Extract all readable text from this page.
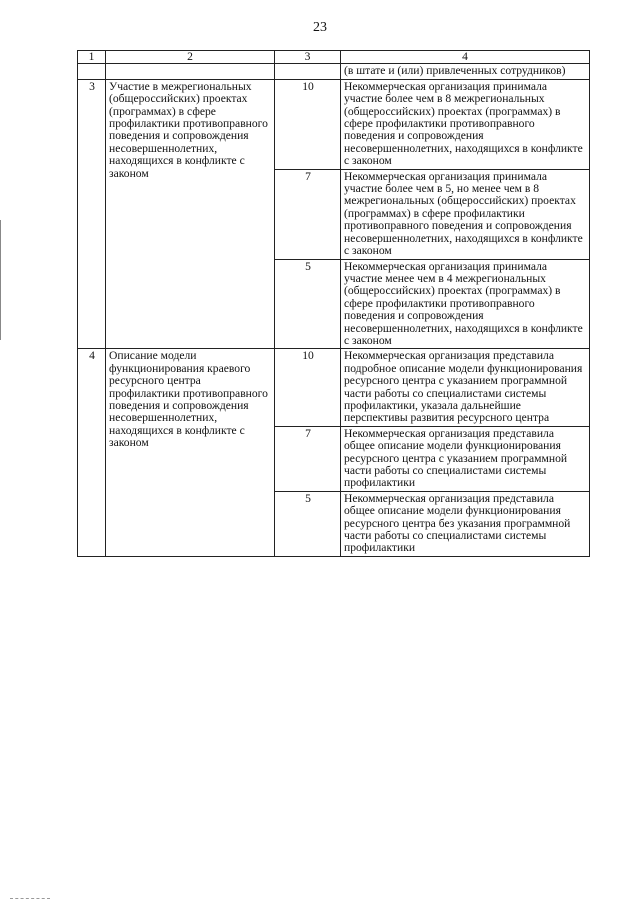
23
1	2	3	4
			(в штате и (или) привлеченных сотрудников)
3	Участие в межрегиональных (общероссийских) проектах (программах) в сфере профилактики противоправного поведения и сопровождения несовершеннолетних, находящихся в конфликте с законом	10	Некоммерческая организация принимала участие более чем в 8 межрегиональных (общероссийских) проектах (программах) в сфере профилактики противоправного поведения и сопровождения несовершеннолетних, находящихся в конфликте с законом
		7	Некоммерческая организация принимала участие более чем в 5, но менее чем в 8 межрегиональных (общероссийских) проектах (программах) в сфере профилактики противоправного поведения и сопровождения несовершеннолетних, находящихся в конфликте с законом
		5	Некоммерческая организация принимала участие менее чем в 4 межрегиональных (общероссийских) проектах (программах) в сфере профилактики противоправного поведения и сопровождения несовершеннолетних, находящихся в конфликте с законом
4	Описание модели функционирования краевого ресурсного центра профилактики противоправного поведения и сопровождения несовершеннолетних, находящихся в конфликте с законом	10	Некоммерческая организация представила подробное описание модели функционирования ресурсного центра с указанием программной части работы со специалистами системы профилактики, указала дальнейшие перспективы развития ресурсного центра
		7	Некоммерческая организация представила общее описание модели функционирования ресурсного центра с указанием программной части работы со специалистами системы профилактики
		5	Некоммерческая организация представила общее описание модели функционирования ресурсного центра без указания программной части работы со специалистами системы профилактики
